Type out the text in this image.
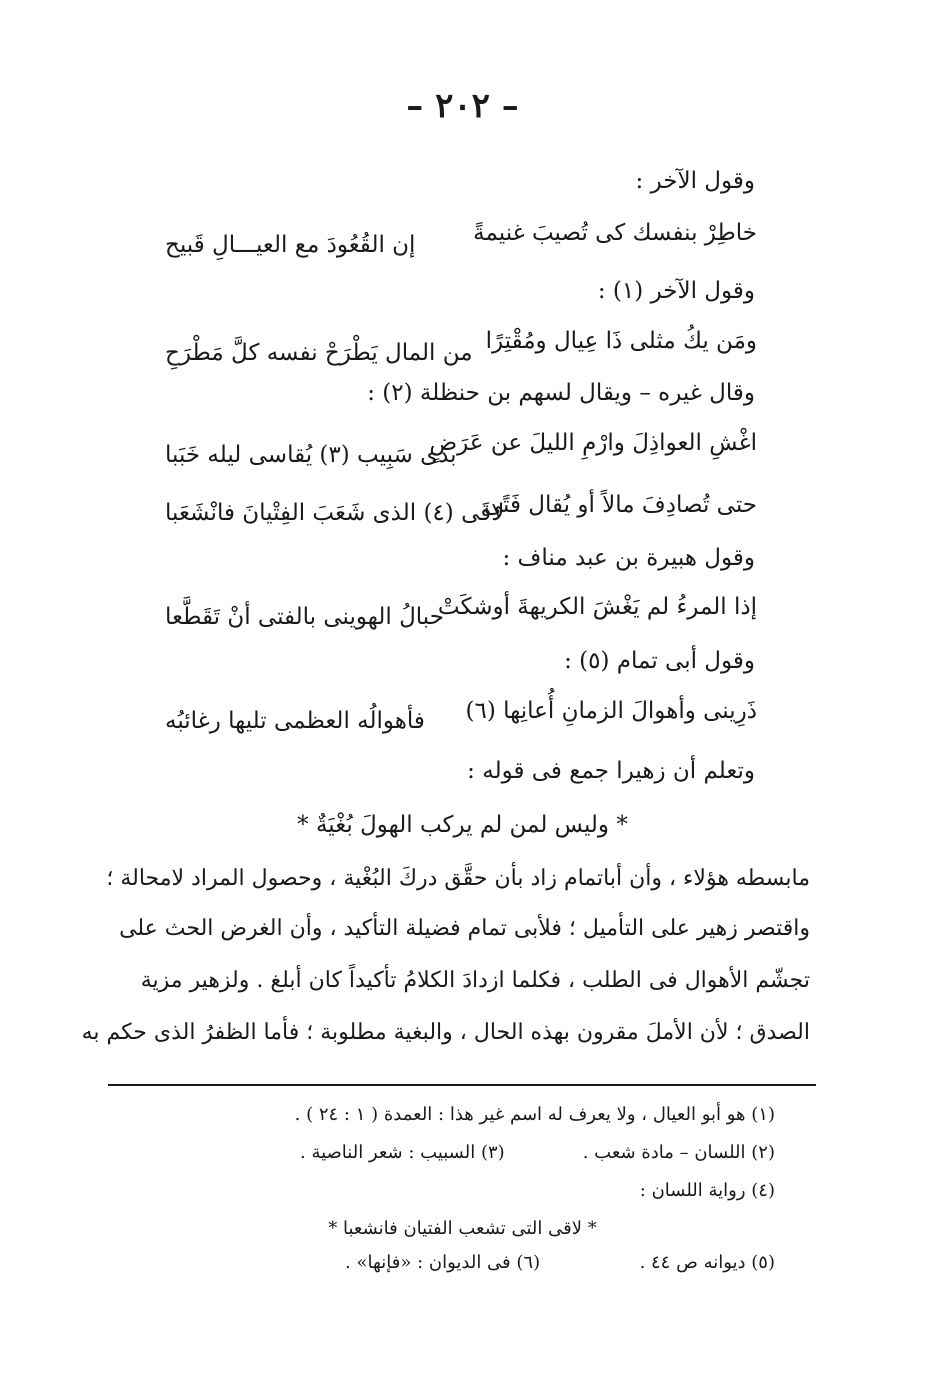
– ٢٠٢ –
وقول الآخر :
خاطِرْ بنفسك كى تُصيبَ غنيمةً
إن القُعُودَ مع العيـــالِ قَبيح
وقول الآخر (١) :
ومَن يكُ مثلى ذَا عِيال ومُقْتِرًا
من المال يَطْرَحْ نفسه كلَّ مَطْرَحِ
وقال غيره – ويقال لسهم بن حنظلة (٢) :
اغْشِ العواذِلَ وارْمِ الليلَ عن عَرَضٍ
بذى سَبِيب (٣) يُقاسى ليله خَبَبا
حتى تُصادِفَ مالاً أو يُقال فَتًى
لاقَى (٤) الذى شَعَبَ الفِتْيانَ فانْشَعَبا
وقول هبيرة بن عبد مناف :
إذا المرءُ لم يَغْشَ الكريهةَ أوشكَتْ
حبالُ الهوينى بالفتى أنْ تَقَطَّعا
وقول أبى تمام (٥) :
ذَرِينى وأهوالَ الزمانِ أُعانِها (٦)
فأهوالُه العظمى تليها رغائبُه
وتعلم أن زهيرا جمع فى قوله :
* وليس لمن لم يركب الهولَ بُغْيَةٌ *
مابسطه هؤلاء ، وأن أباتمام زاد بأن حقَّق دركَ البُغْية ، وحصول المراد لامحالة ؛
واقتصر زهير على التأميل ؛ فلأبى تمام فضيلة التأكيد ، وأن الغرض الحث على
تجشّم الأهوال فى الطلب ، فكلما ازدادَ الكلامُ تأكيداً كان أبلغ . ولزهير مزية
الصدق ؛ لأن الأملَ مقرون بهذه الحال ، والبغية مطلوبة ؛ فأما الظفرُ الذى حكم به
(١) هو أبو العيال ، ولا يعرف له اسم غير هذا : العمدة ( ١ : ٢٤ ) .
(٢) اللسان – مادة شعب .
(٣) السبيب : شعر الناصية .
(٤) رواية اللسان :
* لاقى التى تشعب الفتيان فانشعبا *
(٥) ديوانه ص ٤٤ .
(٦) فى الديوان : «فإنها» .
